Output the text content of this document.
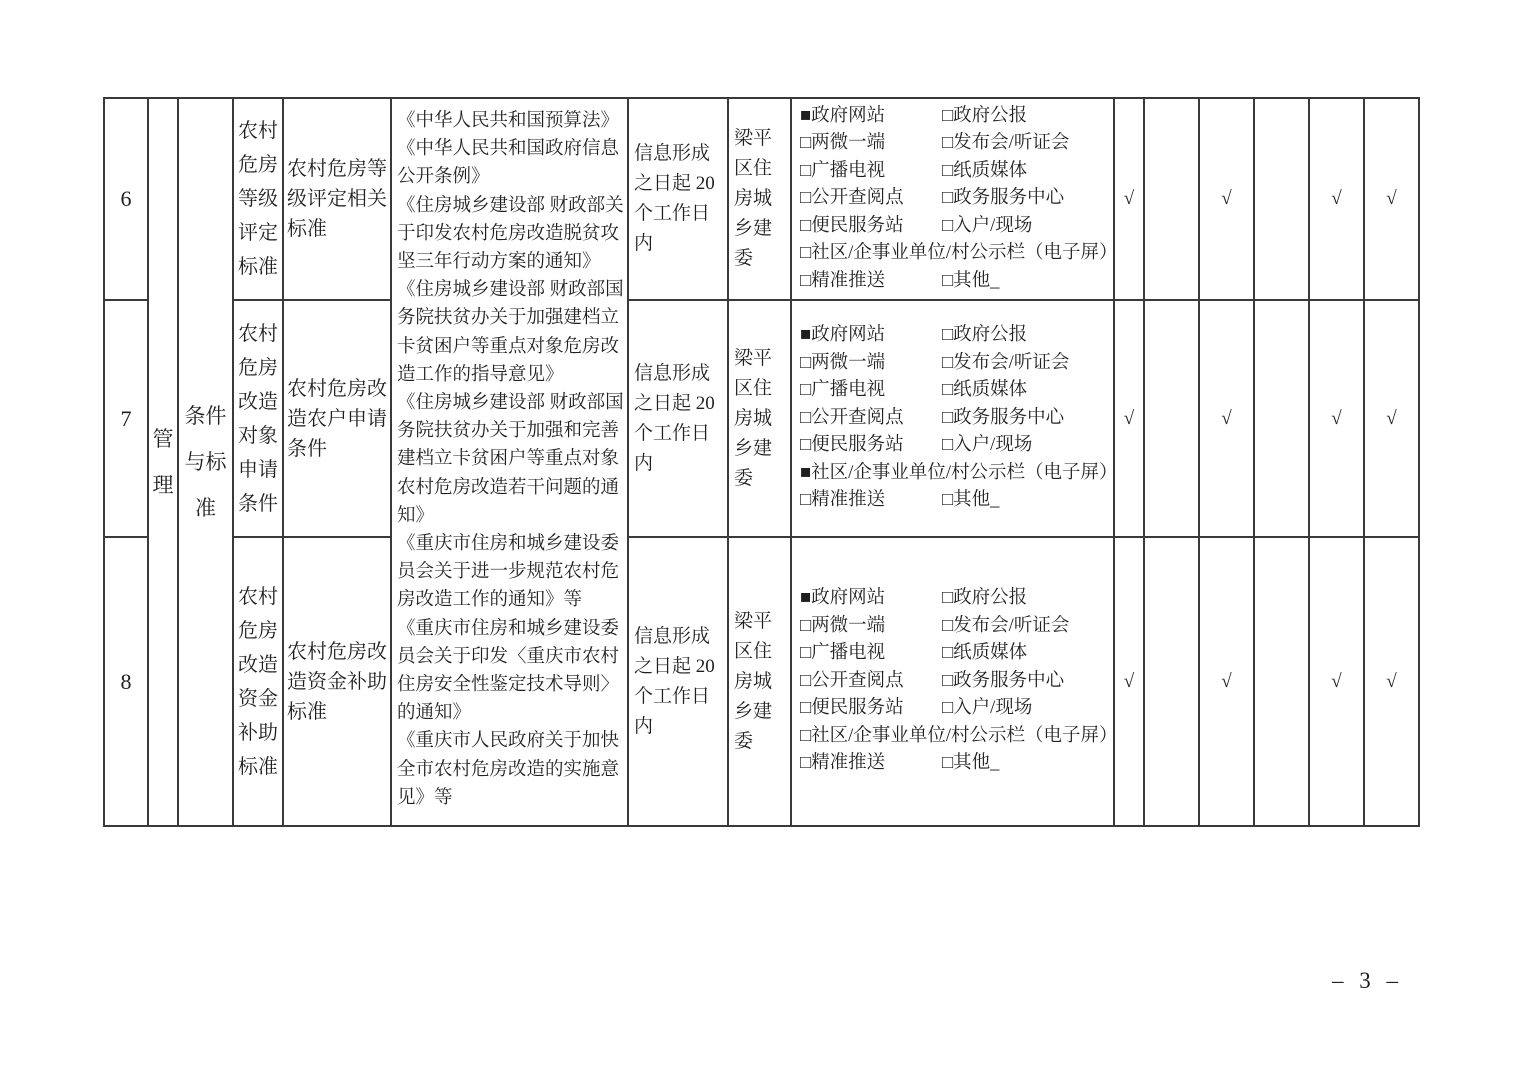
6	管理	条件与标准	农村危房等级评定标准	农村危房等级评定相关标准	
《中华人民共和国预算法》
《中华人民共和国政府信息公开条例》
《住房城乡建设部 财政部关于印发农村危房改造脱贫攻坚三年行动方案的通知》
《住房城乡建设部 财政部国务院扶贫办关于加强建档立卡贫困户等重点对象危房改造工作的指导意见》
《住房城乡建设部 财政部国务院扶贫办关于加强和完善建档立卡贫困户等重点对象农村危房改造若干问题的通知》
《重庆市住房和城乡建设委员会关于进一步规范农村危房改造工作的通知》等
《重庆市住房和城乡建设委员会关于印发〈重庆市农村住房安全性鉴定技术导则〉的通知》
《重庆市人民政府关于加快全市农村危房改造的实施意见》等
	信息形成之日起 20 个工作日内	梁平区住房城乡建委	
■政府网站	□政府公报
□两微一端	□发布会/听证会
□广播电视	□纸质媒体
□公开查阅点 □政务服务中心
□便民服务站 □入户/现场
□社区/企事业单位/村公示栏（电子屏）
□精准推送	□其他_
	√		√		√	√
7	农村危房改造对象申请条件	农村危房改造农户申请条件	信息形成之日起 20 个工作日内	梁平区住房城乡建委	
■政府网站	□政府公报
□两微一端	□发布会/听证会
□广播电视	□纸质媒体
□公开查阅点 □政务服务中心
□便民服务站 □入户/现场
■社区/企事业单位/村公示栏（电子屏）
□精准推送	□其他_
	√		√		√	√
8	农村危房改造资金补助标准	农村危房改造资金补助标准	信息形成之日起 20 个工作日内	梁平区住房城乡建委	
■政府网站	□政府公报
□两微一端	□发布会/听证会
□广播电视	□纸质媒体
□公开查阅点 □政务服务中心
□便民服务站 □入户/现场
□社区/企事业单位/村公示栏（电子屏）
□精准推送	□其他_
	√		√		√	√
– 3 –
